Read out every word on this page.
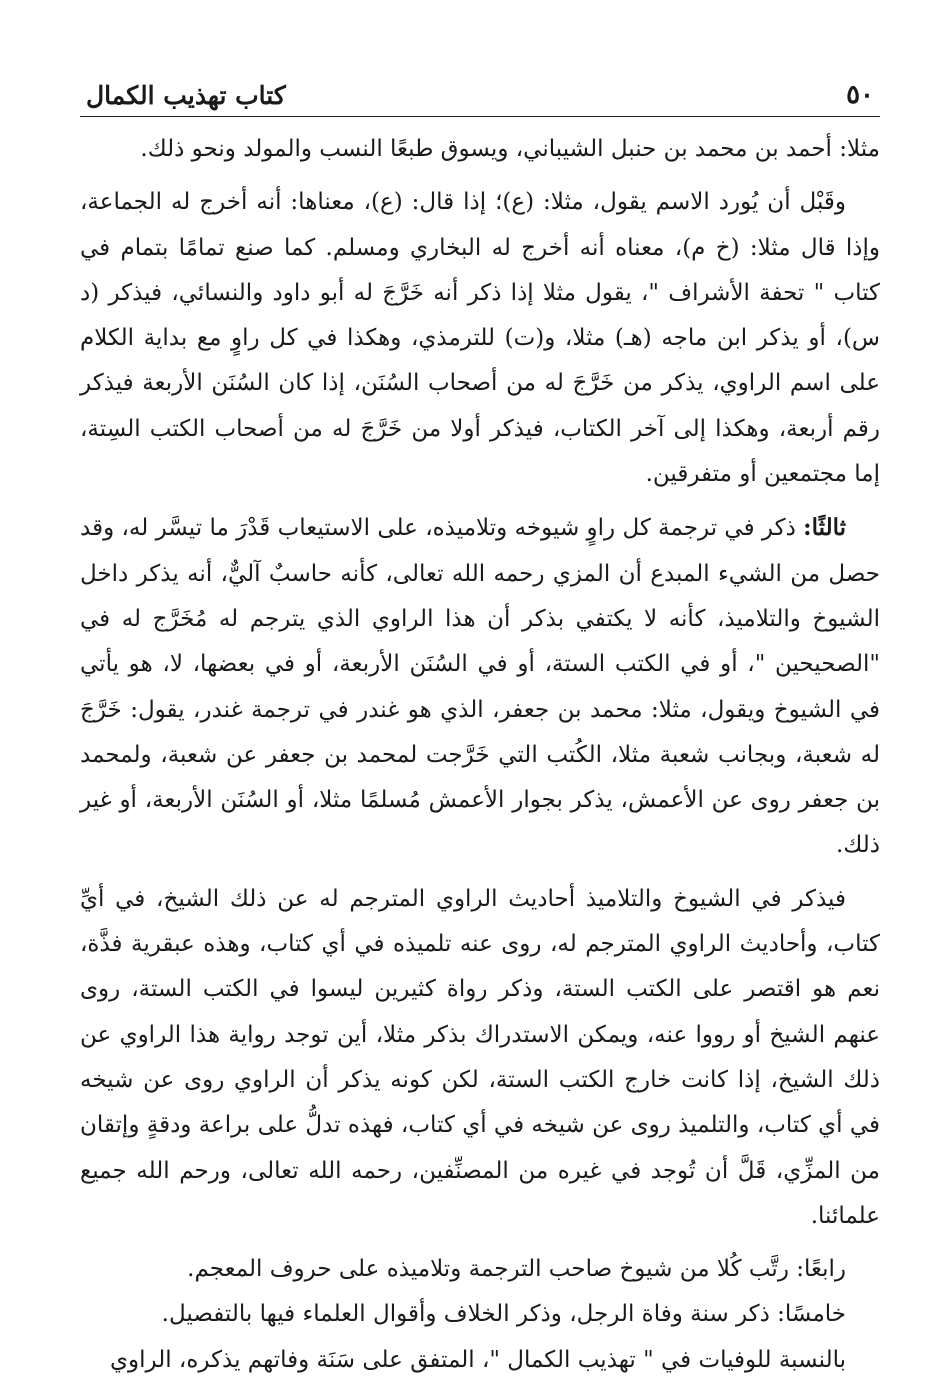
٥٠
كتاب تهذيب الكمال

مثلا: أحمد بن محمد بن حنبل الشيباني، ويسوق طبعًا النسب والمولد ونحو ذلك.

وقَبْل أن يُورد الاسم يقول، مثلا: (ع)؛ إذا قال: (ع)، معناها: أنه أخرج له الجماعة، وإذا قال مثلا: (خ م)، معناه أنه أخرج له البخاري ومسلم. كما صنع تمامًا بتمام في كتاب " تحفة الأشراف "، يقول مثلا إذا ذكر أنه خَرَّجَ له أبو داود والنسائي، فيذكر (د س)، أو يذكر ابن ماجه (هـ) مثلا، و(ت) للترمذي، وهكذا في كل راوٍ مع بداية الكلام على اسم الراوي، يذكر من خَرَّجَ له من أصحاب السُنَن، إذا كان السُنَن الأربعة فيذكر رقم أربعة، وهكذا إلى آخر الكتاب، فيذكر أولا من خَرَّجَ له من أصحاب الكتب السِتة، إما مجتمعين أو متفرقين.

ثالثًا: ذكر في ترجمة كل راوٍ شيوخه وتلاميذه، على الاستيعاب قَدْرَ ما تيسَّر له، وقد حصل من الشيء المبدع أن المزي رحمه الله تعالى، كأنه حاسبٌ آليٌّ، أنه يذكر داخل الشيوخ والتلاميذ، كأنه لا يكتفي بذكر أن هذا الراوي الذي يترجم له مُخَرَّج له في "الصحيحين "، أو في الكتب الستة، أو في السُنَن الأربعة، أو في بعضها، لا، هو يأتي في الشيوخ ويقول، مثلا: محمد بن جعفر، الذي هو غندر في ترجمة غندر، يقول: خَرَّجَ له شعبة، وبجانب شعبة مثلا، الكُتب التي خَرَّجت لمحمد بن جعفر عن شعبة، ولمحمد بن جعفر روى عن الأعمش، يذكر بجوار الأعمش مُسلمًا مثلا، أو السُنَن الأربعة، أو غير ذلك.

فيذكر في الشيوخ والتلاميذ أحاديث الراوي المترجم له عن ذلك الشيخ، في أيِّ كتاب، وأحاديث الراوي المترجم له، روى عنه تلميذه في أي كتاب، وهذه عبقرية فذَّة، نعم هو اقتصر على الكتب الستة، وذكر رواة كثيرين ليسوا في الكتب الستة، روى عنهم الشيخ أو رووا عنه، ويمكن الاستدراك بذكر مثلا، أين توجد رواية هذا الراوي عن ذلك الشيخ، إذا كانت خارج الكتب الستة، لكن كونه يذكر أن الراوي روى عن شيخه في أي كتاب، والتلميذ روى عن شيخه في أي كتاب، فهذه تدلُّ على براعة ودقةٍ وإتقان من المزِّي، قَلَّ أن تُوجد في غيره من المصنِّفين، رحمه الله تعالى، ورحم الله جميع علمائنا.

رابعًا: رتَّب كُلا من شيوخ صاحب الترجمة وتلاميذه على حروف المعجم.

خامسًا: ذكر سنة وفاة الرجل، وذكر الخلاف وأقوال العلماء فيها بالتفصيل.

بالنسبة للوفيات في " تهذيب الكمال "، المتفق على سَنَة وفاتهم يذكره، الراوي
